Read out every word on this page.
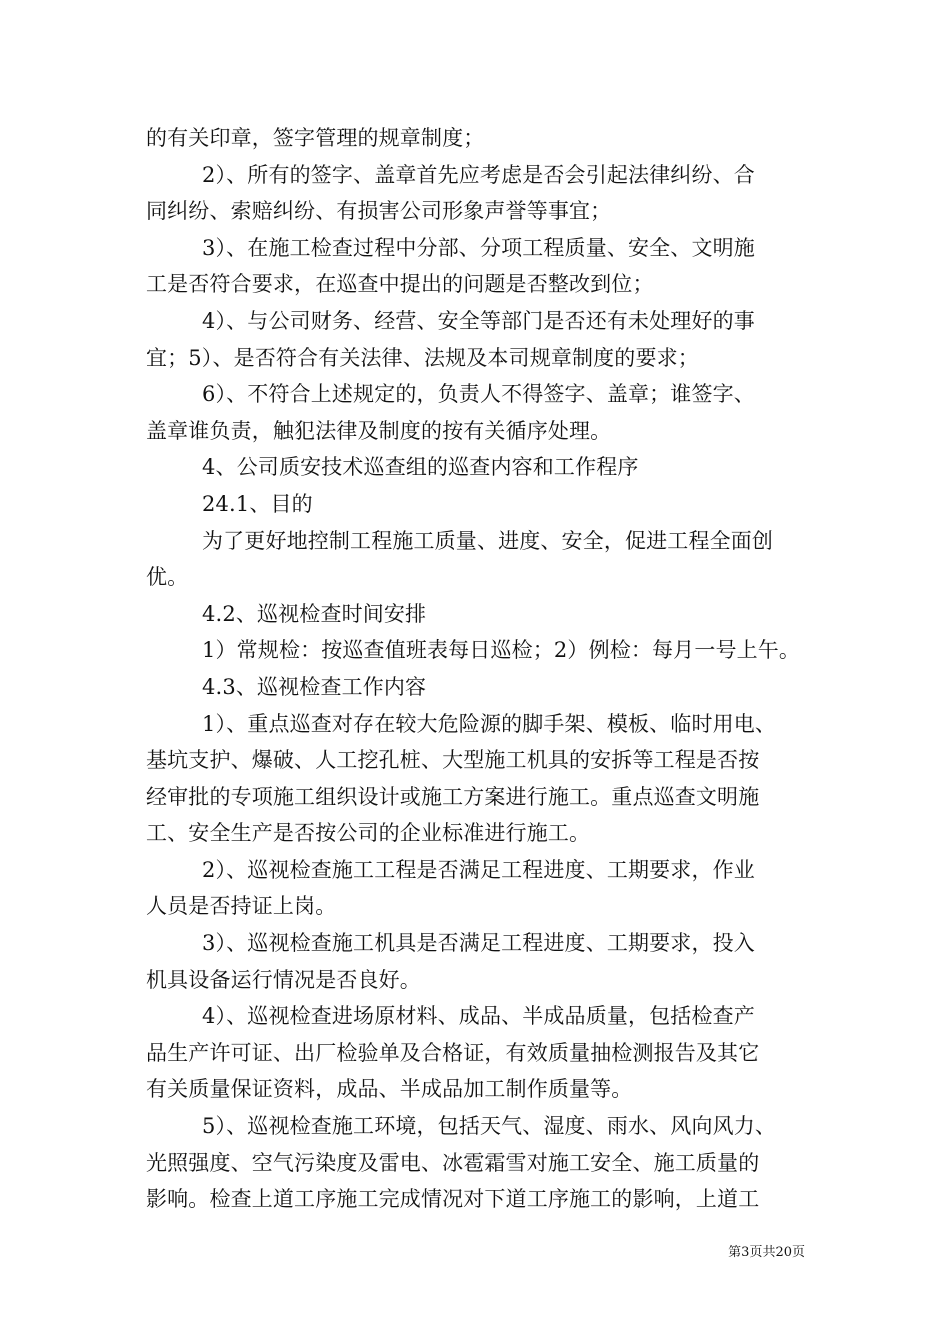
的有关印章，签字管理的规章制度；
2）、所有的签字、盖章首先应考虑是否会引起法律纠纷、合
同纠纷、索赔纠纷、有损害公司形象声誉等事宜；
3）、在施工检查过程中分部、分项工程质量、安全、文明施
工是否符合要求，在巡查中提出的问题是否整改到位；
4）、与公司财务、经营、安全等部门是否还有未处理好的事
宜；5）、是否符合有关法律、法规及本司规章制度的要求；
6）、不符合上述规定的，负责人不得签字、盖章；谁签字、
盖章谁负责，触犯法律及制度的按有关循序处理。
4、公司质安技术巡查组的巡查内容和工作程序
24.1、目的
为了更好地控制工程施工质量、进度、安全，促进工程全面创
优。
4.2、巡视检查时间安排
1）常规检：按巡查值班表每日巡检；2）例检：每月一号上午。
4.3、巡视检查工作内容
1）、重点巡查对存在较大危险源的脚手架、模板、临时用电、
基坑支护、爆破、人工挖孔桩、大型施工机具的安拆等工程是否按
经审批的专项施工组织设计或施工方案进行施工。重点巡查文明施
工、安全生产是否按公司的企业标准进行施工。
2）、巡视检查施工工程是否满足工程进度、工期要求，作业
人员是否持证上岗。
3）、巡视检查施工机具是否满足工程进度、工期要求，投入
机具设备运行情况是否良好。
4）、巡视检查进场原材料、成品、半成品质量，包括检查产
品生产许可证、出厂检验单及合格证，有效质量抽检测报告及其它
有关质量保证资料，成品、半成品加工制作质量等。
5）、巡视检查施工环境，包括天气、湿度、雨水、风向风力、
光照强度、空气污染度及雷电、冰雹霜雪对施工安全、施工质量的
影响。检查上道工序施工完成情况对下道工序施工的影响，上道工
第3页共20页
